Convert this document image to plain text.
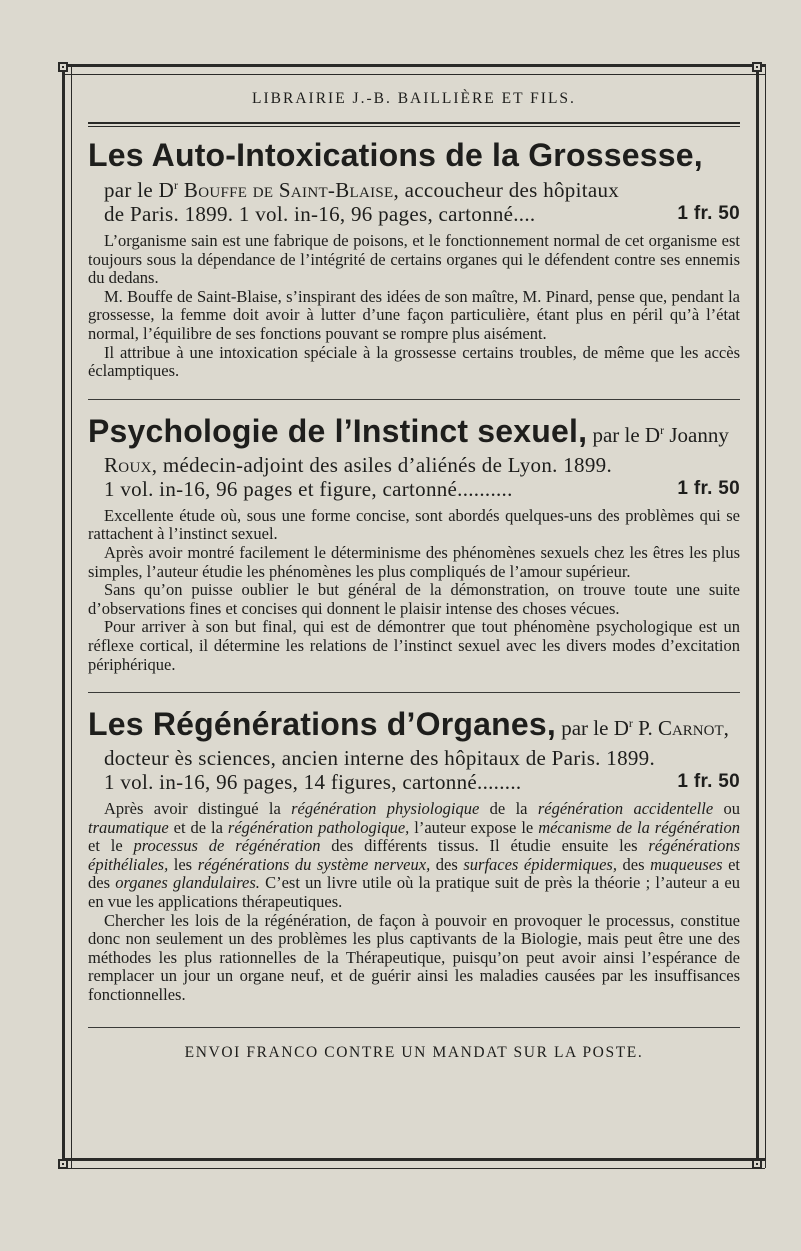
LIBRAIRIE J.-B. BAILLIÈRE ET FILS.
Les Auto-Intoxications de la Grossesse,
par le $D^r$ Bouffe de Saint-Blaise, accoucheur des hôpitaux
de Paris. 1899. 1 vol. in-16, 96 pages, cartonné....	1 fr. 50

L’organisme sain est une fabrique de poisons, et le fonctionnement normal de cet organisme est toujours sous la dépendance de l’intégrité de certains organes qui le défendent contre ses ennemis du dedans.

M. Bouffe de Saint-Blaise, s’inspirant des idées de son maître, M. Pinard, pense que, pendant la grossesse, la femme doit avoir à lutter d’une façon particulière, étant plus en péril qu’à l’état normal, l’équilibre de ses fonctions pouvant se rompre plus aisément.

Il attribue à une intoxication spéciale à la grossesse certains troubles, de même que les accès éclamptiques.

Psychologie de l’Instinct sexuel, par le $D^r$ Joanny
Roux, médecin-adjoint des asiles d’aliénés de Lyon. 1899.
1 vol. in-16, 96 pages et figure, cartonné..........	1 fr. 50

Excellente étude où, sous une forme concise, sont abordés quelques-uns des problèmes qui se rattachent à l’instinct sexuel.

Après avoir montré facilement le déterminisme des phénomènes sexuels chez les êtres les plus simples, l’auteur étudie les phénomènes les plus compliqués de l’amour supérieur.

Sans qu’on puisse oublier le but général de la démonstration, on trouve toute une suite d’observations fines et concises qui donnent le plaisir intense des choses vécues.

Pour arriver à son but final, qui est de démontrer que tout phénomène psychologique est un réflexe cortical, il détermine les relations de l’instinct sexuel avec les divers modes d’excitation périphérique.

Les Régénérations d’Organes, par le $D^r$ P. Carnot,
docteur ès sciences, ancien interne des hôpitaux de Paris. 1899.
1 vol. in-16, 96 pages, 14 figures, cartonné........	1 fr. 50

Après avoir distingué la régénération physiologique de la régénération accidentelle ou traumatique et de la régénération pathologique, l’auteur expose le mécanisme de la régénération et le processus de régénération des différents tissus. Il étudie ensuite les régénérations épithéliales, les régénérations du système nerveux, des surfaces épidermiques, des muqueuses et des organes glandulaires. C’est un livre utile où la pratique suit de près la théorie ; l’auteur a eu en vue les applications thérapeutiques.

Chercher les lois de la régénération, de façon à pouvoir en provoquer le processus, constitue donc non seulement un des problèmes les plus captivants de la Biologie, mais peut être une des méthodes les plus rationnelles de la Thérapeutique, puisqu’on peut avoir ainsi l’espérance de remplacer un jour un organe neuf, et de guérir ainsi les maladies causées par les insuffisances fonctionnelles.

ENVOI FRANCO CONTRE UN MANDAT SUR LA POSTE.
